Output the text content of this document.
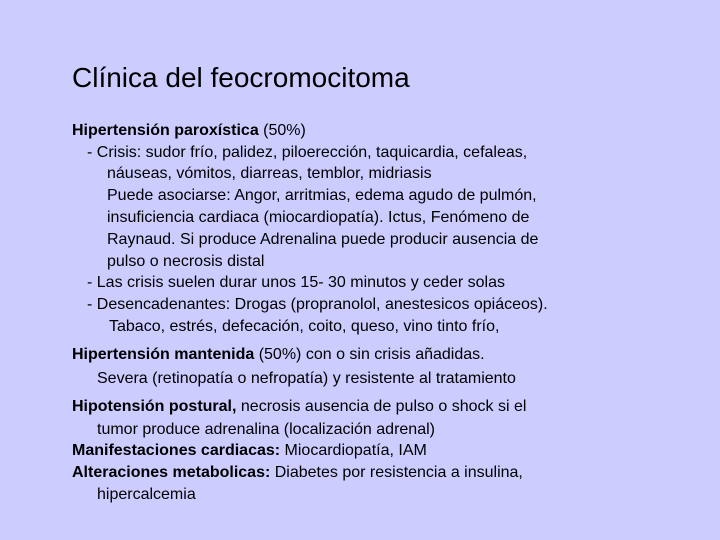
Clínica del feocromocitoma
Hipertensión paroxística (50%)
- Crisis: sudor frío, palidez, piloerección, taquicardia, cefaleas,
náuseas, vómitos, diarreas, temblor, midriasis
Puede asociarse: Angor, arritmias, edema agudo de pulmón,
insuficiencia cardiaca (miocardiopatía). Ictus, Fenómeno de
Raynaud. Si produce Adrenalina puede producir ausencia de
pulso o necrosis distal
- Las crisis suelen durar unos 15- 30 minutos y ceder solas
- Desencadenantes: Drogas (propranolol, anestesicos opiáceos).
Tabaco, estrés, defecación, coito, queso, vino tinto frío,
Hipertensión mantenida (50%) con o sin crisis añadidas.
Severa (retinopatía o nefropatía) y resistente al tratamiento
Hipotensión postural, necrosis ausencia de pulso o shock si el
tumor produce adrenalina (localización adrenal)
Manifestaciones cardiacas: Miocardiopatía, IAM
Alteraciones metabolicas: Diabetes por resistencia a insulina,
hipercalcemia
